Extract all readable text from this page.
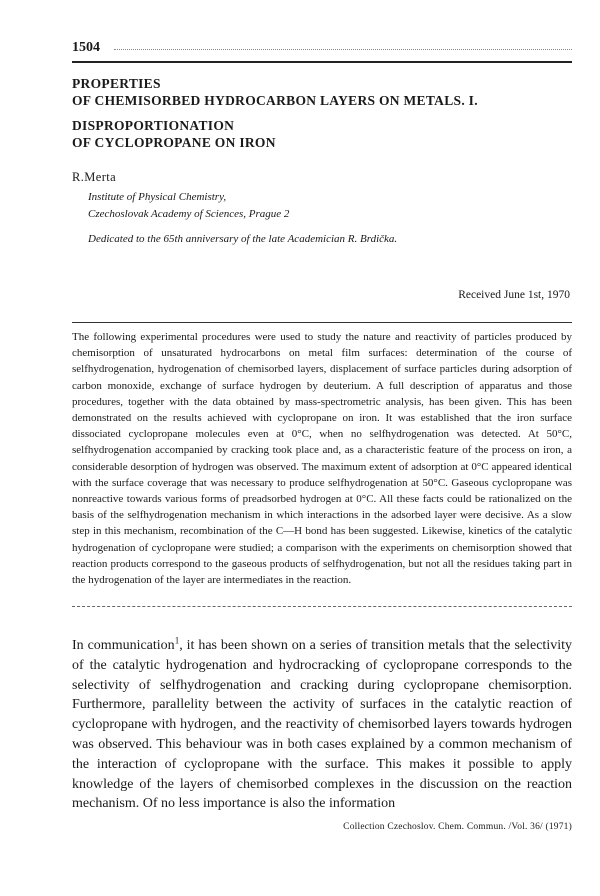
1504
PROPERTIES
OF CHEMISORBED HYDROCARBON LAYERS ON METALS. I.
DISPROPORTIONATION
OF CYCLOPROPANE ON IRON
R.Merta
Institute of Physical Chemistry,
Czechoslovak Academy of Sciences, Prague 2
Dedicated to the 65th anniversary of the late Academician R. Brdička.
Received June 1st, 1970
The following experimental procedures were used to study the nature and reactivity of particles produced by chemisorption of unsaturated hydrocarbons on metal film surfaces: determination of the course of selfhydrogenation, hydrogenation of chemisorbed layers, displacement of surface particles during adsorption of carbon monoxide, exchange of surface hydrogen by deuterium. A full description of apparatus and those procedures, together with the data obtained by mass-spectrometric analysis, has been given. This has been demonstrated on the results achieved with cyclopropane on iron. It was established that the iron surface dissociated cyclopropane molecules even at 0°C, when no selfhydrogenation was detected. At 50°C, selfhydrogenation accompanied by cracking took place and, as a characteristic feature of the process on iron, a considerable desorption of hydrogen was observed. The maximum extent of adsorption at 0°C appeared identical with the surface coverage that was necessary to produce selfhydrogenation at 50°C. Gaseous cyclopropane was nonreactive towards various forms of preadsorbed hydrogen at 0°C. All these facts could be rationalized on the basis of the selfhydrogenation mechanism in which interactions in the adsorbed layer were decisive. As a slow step in this mechanism, recombination of the C—H bond has been suggested. Likewise, kinetics of the catalytic hydrogenation of cyclopropane were studied; a comparison with the experiments on chemisorption showed that reaction products correspond to the gaseous products of selfhydrogenation, but not all the residues taking part in the hydrogenation of the layer are intermediates in the reaction.
In communication$^1$, it has been shown on a series of transition metals that the selectivity of the catalytic hydrogenation and hydrocracking of cyclopropane corresponds to the selectivity of selfhydrogenation and cracking during cyclopropane chemisorption. Furthermore, parallelity between the activity of surfaces in the catalytic reaction of cyclopropane with hydrogen, and the reactivity of chemisorbed layers towards hydrogen was observed. This behaviour was in both cases explained by a common mechanism of the interaction of cyclopropane with the surface. This makes it possible to apply knowledge of the layers of chemisorbed complexes in the discussion on the reaction mechanism. Of no less importance is also the information
Collection Czechoslov. Chem. Commun. /Vol. 36/ (1971)
